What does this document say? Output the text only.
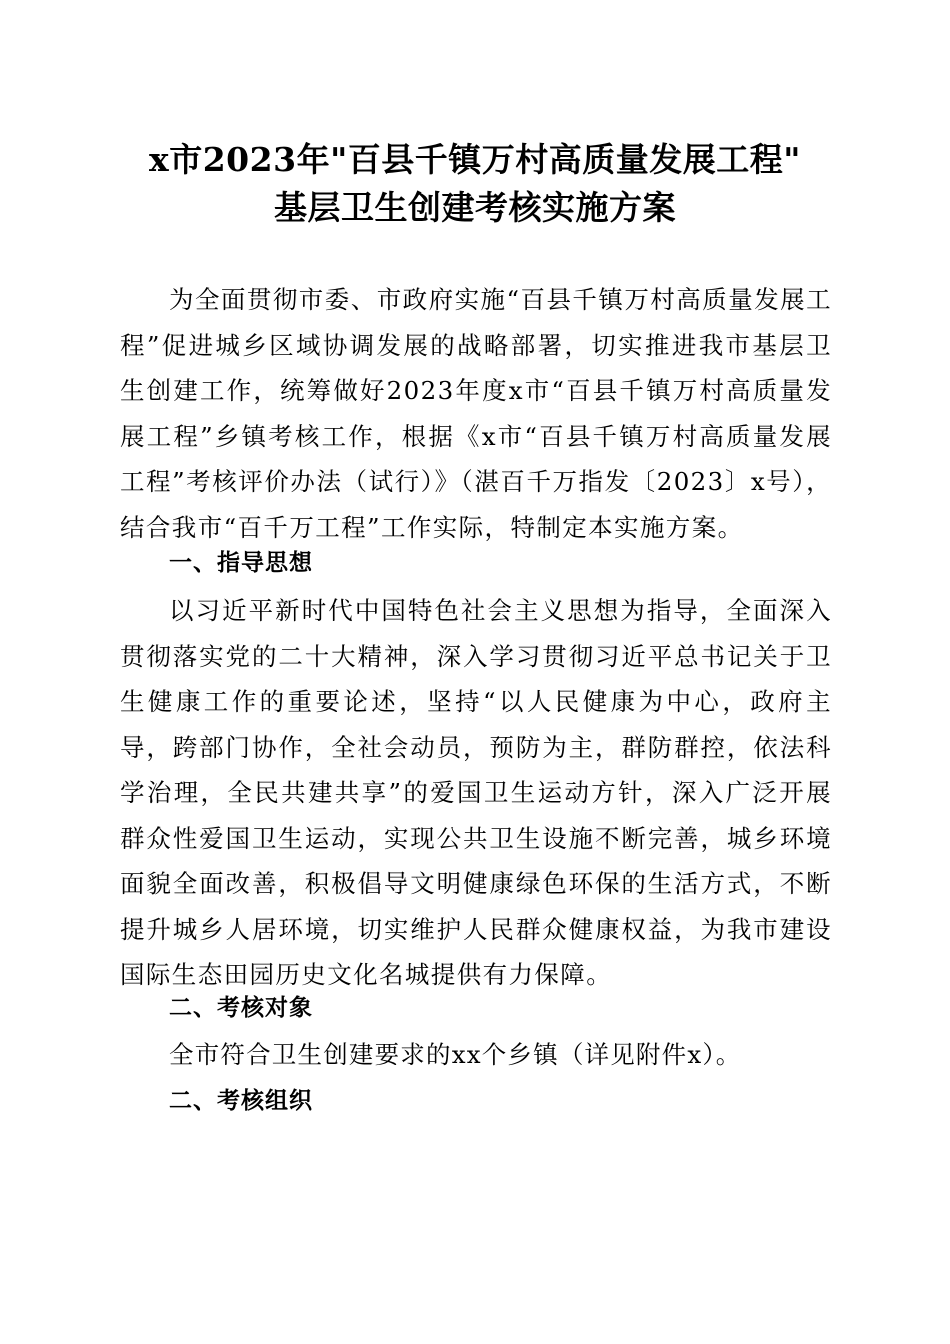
x市2023年"百县千镇万村高质量发展工程"
基层卫生创建考核实施方案

为全面贯彻市委、市政府实施“百县千镇万村高质量发展工程”促进城乡区域协调发展的战略部署，切实推进我市基层卫生创建工作，统筹做好2023年度x市“百县千镇万村高质量发展工程”乡镇考核工作，根据《x市“百县千镇万村高质量发展工程”考核评价办法（试行）》（湛百千万指发〔2023〕x号），结合我市“百千万工程”工作实际，特制定本实施方案。

一、指导思想

以习近平新时代中国特色社会主义思想为指导，全面深入贯彻落实党的二十大精神，深入学习贯彻习近平总书记关于卫生健康工作的重要论述，坚持“以人民健康为中心，政府主导，跨部门协作，全社会动员，预防为主，群防群控，依法科学治理，全民共建共享”的爱国卫生运动方针，深入广泛开展群众性爱国卫生运动，实现公共卫生设施不断完善，城乡环境面貌全面改善，积极倡导文明健康绿色环保的生活方式，不断提升城乡人居环境，切实维护人民群众健康权益，为我市建设国际生态田园历史文化名城提供有力保障。

二、考核对象

全市符合卫生创建要求的xx个乡镇（详见附件x）。

二、考核组织
